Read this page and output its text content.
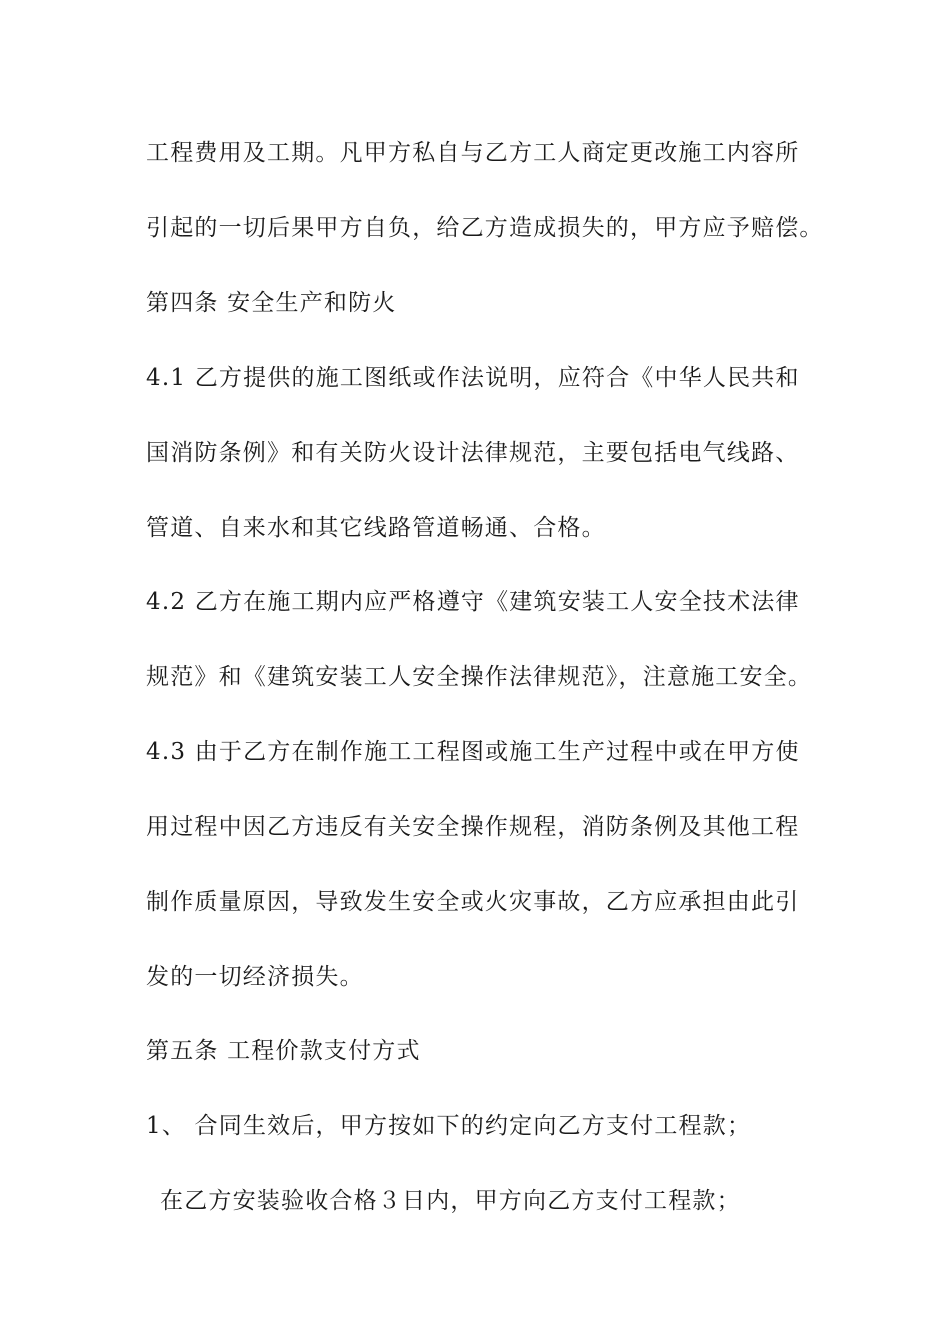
工程费用及工期。凡甲方私自与乙方工人商定更改施工内容所
引起的一切后果甲方自负，给乙方造成损失的，甲方应予赔偿。
第四条 安全生产和防火
4.1 乙方提供的施工图纸或作法说明，应符合《中华人民共和
国消防条例》和有关防火设计法律规范，主要包括电气线路、
管道、自来水和其它线路管道畅通、合格。
4.2 乙方在施工期内应严格遵守《建筑安装工人安全技术法律
规范》和《建筑安装工人安全操作法律规范》，注意施工安全。
4.3 由于乙方在制作施工工程图或施工生产过程中或在甲方使
用过程中因乙方违反有关安全操作规程，消防条例及其他工程
制作质量原因，导致发生安全或火灾事故，乙方应承担由此引
发的一切经济损失。
第五条 工程价款支付方式
1、 合同生效后，甲方按如下的约定向乙方支付工程款；
在乙方安装验收合格３日内，甲方向乙方支付工程款；
